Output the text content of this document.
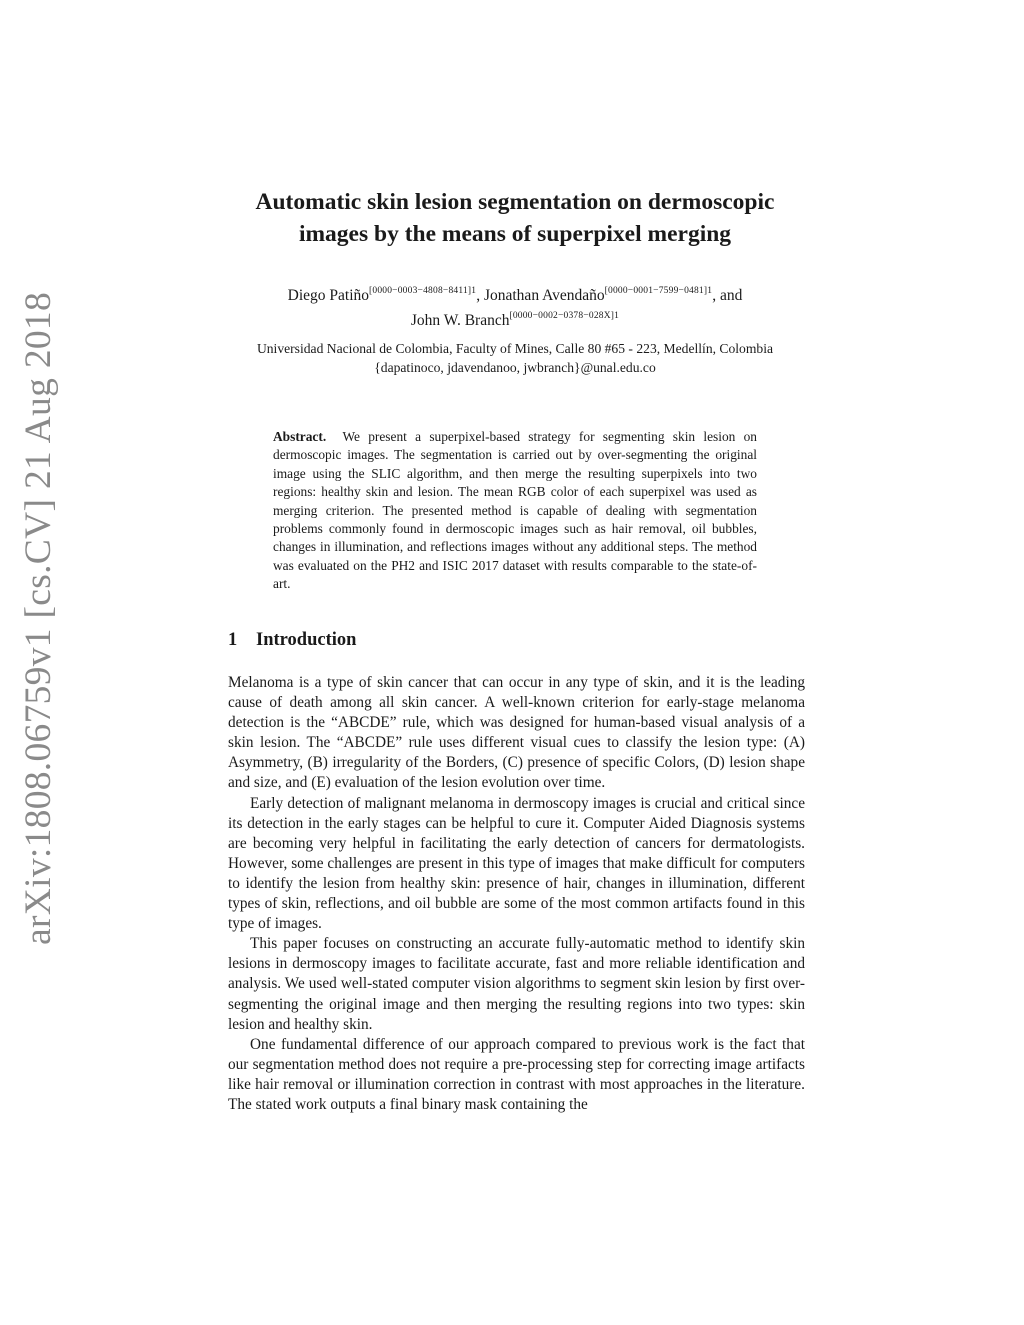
arXiv:1808.06759v1 [cs.CV] 21 Aug 2018
Automatic skin lesion segmentation on dermoscopic
images by the means of superpixel merging
Diego Patiño$^{[0000-0003-4808-8411]1}$, Jonathan Avendaño$^{[0000-0001-7599-0481]1}$, and
John W. Branch$^{[0000-0002-0378-028X]1}$
Universidad Nacional de Colombia, Faculty of Mines, Calle 80 #65 - 223, Medellín, Colombia
{dapatinoco, jdavendanoo, jwbranch}@unal.edu.co
Abstract. We present a superpixel-based strategy for segmenting skin lesion on dermoscopic images. The segmentation is carried out by over-segmenting the original image using the SLIC algorithm, and then merge the resulting superpixels into two regions: healthy skin and lesion. The mean RGB color of each superpixel was used as merging criterion. The presented method is capable of dealing with segmentation problems commonly found in dermoscopic images such as hair removal, oil bubbles, changes in illumination, and reflections images without any additional steps. The method was evaluated on the PH2 and ISIC 2017 dataset with results comparable to the state-of-art.
1 Introduction

Melanoma is a type of skin cancer that can occur in any type of skin, and it is the leading cause of death among all skin cancer. A well-known criterion for early-stage melanoma detection is the “ABCDE” rule, which was designed for human-based visual analysis of a skin lesion. The “ABCDE” rule uses different visual cues to classify the lesion type: (A) Asymmetry, (B) irregularity of the Borders, (C) presence of specific Colors, (D) lesion shape and size, and (E) evaluation of the lesion evolution over time.

Early detection of malignant melanoma in dermoscopy images is crucial and critical since its detection in the early stages can be helpful to cure it. Computer Aided Diagnosis systems are becoming very helpful in facilitating the early detection of cancers for dermatologists. However, some challenges are present in this type of images that make difficult for computers to identify the lesion from healthy skin: presence of hair, changes in illumination, different types of skin, reflections, and oil bubble are some of the most common artifacts found in this type of images.

This paper focuses on constructing an accurate fully-automatic method to identify skin lesions in dermoscopy images to facilitate accurate, fast and more reliable identification and analysis. We used well-stated computer vision algorithms to segment skin lesion by first over-segmenting the original image and then merging the resulting regions into two types: skin lesion and healthy skin.

One fundamental difference of our approach compared to previous work is the fact that our segmentation method does not require a pre-processing step for correcting image artifacts like hair removal or illumination correction in contrast with most approaches in the literature. The stated work outputs a final binary mask containing the
